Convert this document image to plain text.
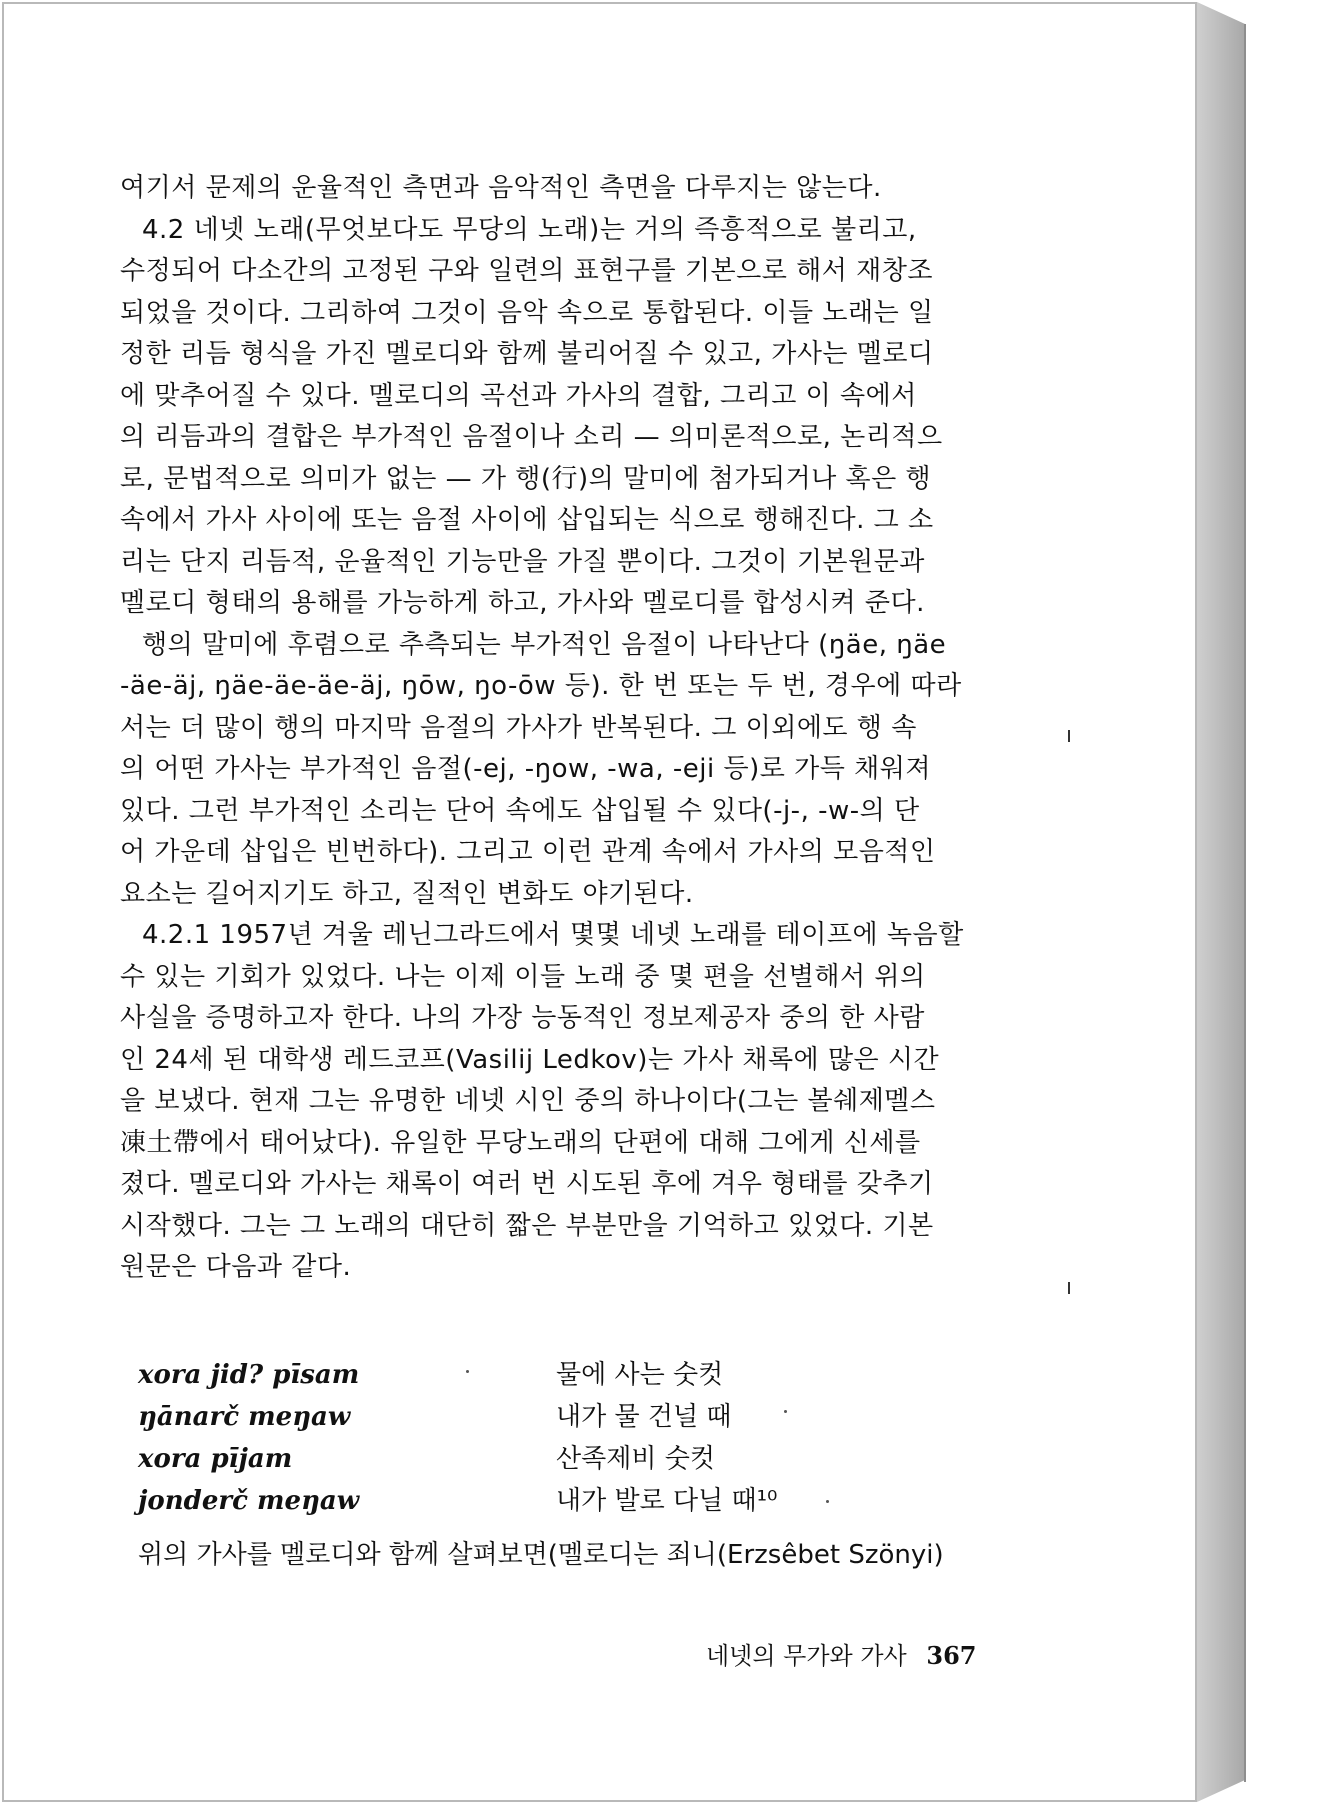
여기서 문제의 운율적인 측면과 음악적인 측면을 다루지는 않는다.

4.2 네넷 노래(무엇보다도 무당의 노래)는 거의 즉흥적으로 불리고,

수정되어 다소간의 고정된 구와 일련의 표현구를 기본으로 해서 재창조

되었을 것이다. 그리하여 그것이 음악 속으로 통합된다. 이들 노래는 일

정한 리듬 형식을 가진 멜로디와 함께 불리어질 수 있고, 가사는 멜로디

에 맞추어질 수 있다. 멜로디의 곡선과 가사의 결합, 그리고 이 속에서

의 리듬과의 결합은 부가적인 음절이나 소리 — 의미론적으로, 논리적으

로, 문법적으로 의미가 없는 — 가 행(行)의 말미에 첨가되거나 혹은 행

속에서 가사 사이에 또는 음절 사이에 삽입되는 식으로 행해진다. 그 소

리는 단지 리듬적, 운율적인 기능만을 가질 뿐이다. 그것이 기본원문과

멜로디 형태의 용해를 가능하게 하고, 가사와 멜로디를 합성시켜 준다.

행의 말미에 후렴으로 추측되는 부가적인 음절이 나타난다 (ŋäe, ŋäe

-äe-äj, ŋäe-äe-äe-äj, ŋōw, ŋo-ōw 등). 한 번 또는 두 번, 경우에 따라

서는 더 많이 행의 마지막 음절의 가사가 반복된다. 그 이외에도 행 속

의 어떤 가사는 부가적인 음절(-ej, -ŋow, -wa, -eji 등)로 가득 채워져

있다. 그런 부가적인 소리는 단어 속에도 삽입될 수 있다(-j-, -w-의 단

어 가운데 삽입은 빈번하다). 그리고 이런 관계 속에서 가사의 모음적인

요소는 길어지기도 하고, 질적인 변화도 야기된다.

4.2.1 1957년 겨울 레닌그라드에서 몇몇 네넷 노래를 테이프에 녹음할

수 있는 기회가 있었다. 나는 이제 이들 노래 중 몇 편을 선별해서 위의

사실을 증명하고자 한다. 나의 가장 능동적인 정보제공자 중의 한 사람

인 24세 된 대학생 레드코프(Vasilij Ledkov)는 가사 채록에 많은 시간

을 보냈다. 현재 그는 유명한 네넷 시인 중의 하나이다(그는 볼쉐제멜스

凍土帶에서 태어났다). 유일한 무당노래의 단편에 대해 그에게 신세를

졌다. 멜로디와 가사는 채록이 여러 번 시도된 후에 겨우 형태를 갖추기

시작했다. 그는 그 노래의 대단히 짧은 부분만을 기억하고 있었다. 기본

원문은 다음과 같다.

xora jid? pīsam	물에 사는 숫컷
ŋānarč meŋaw	내가 물 건널 때
xora pījam	산족제비 숫컷
jonderč meŋaw	내가 발로 다닐 때¹⁰
위의 가사를 멜로디와 함께 살펴보면(멜로디는 죄니(Erzsêbet Szönyi)
네넷의 무가와 가사 367
